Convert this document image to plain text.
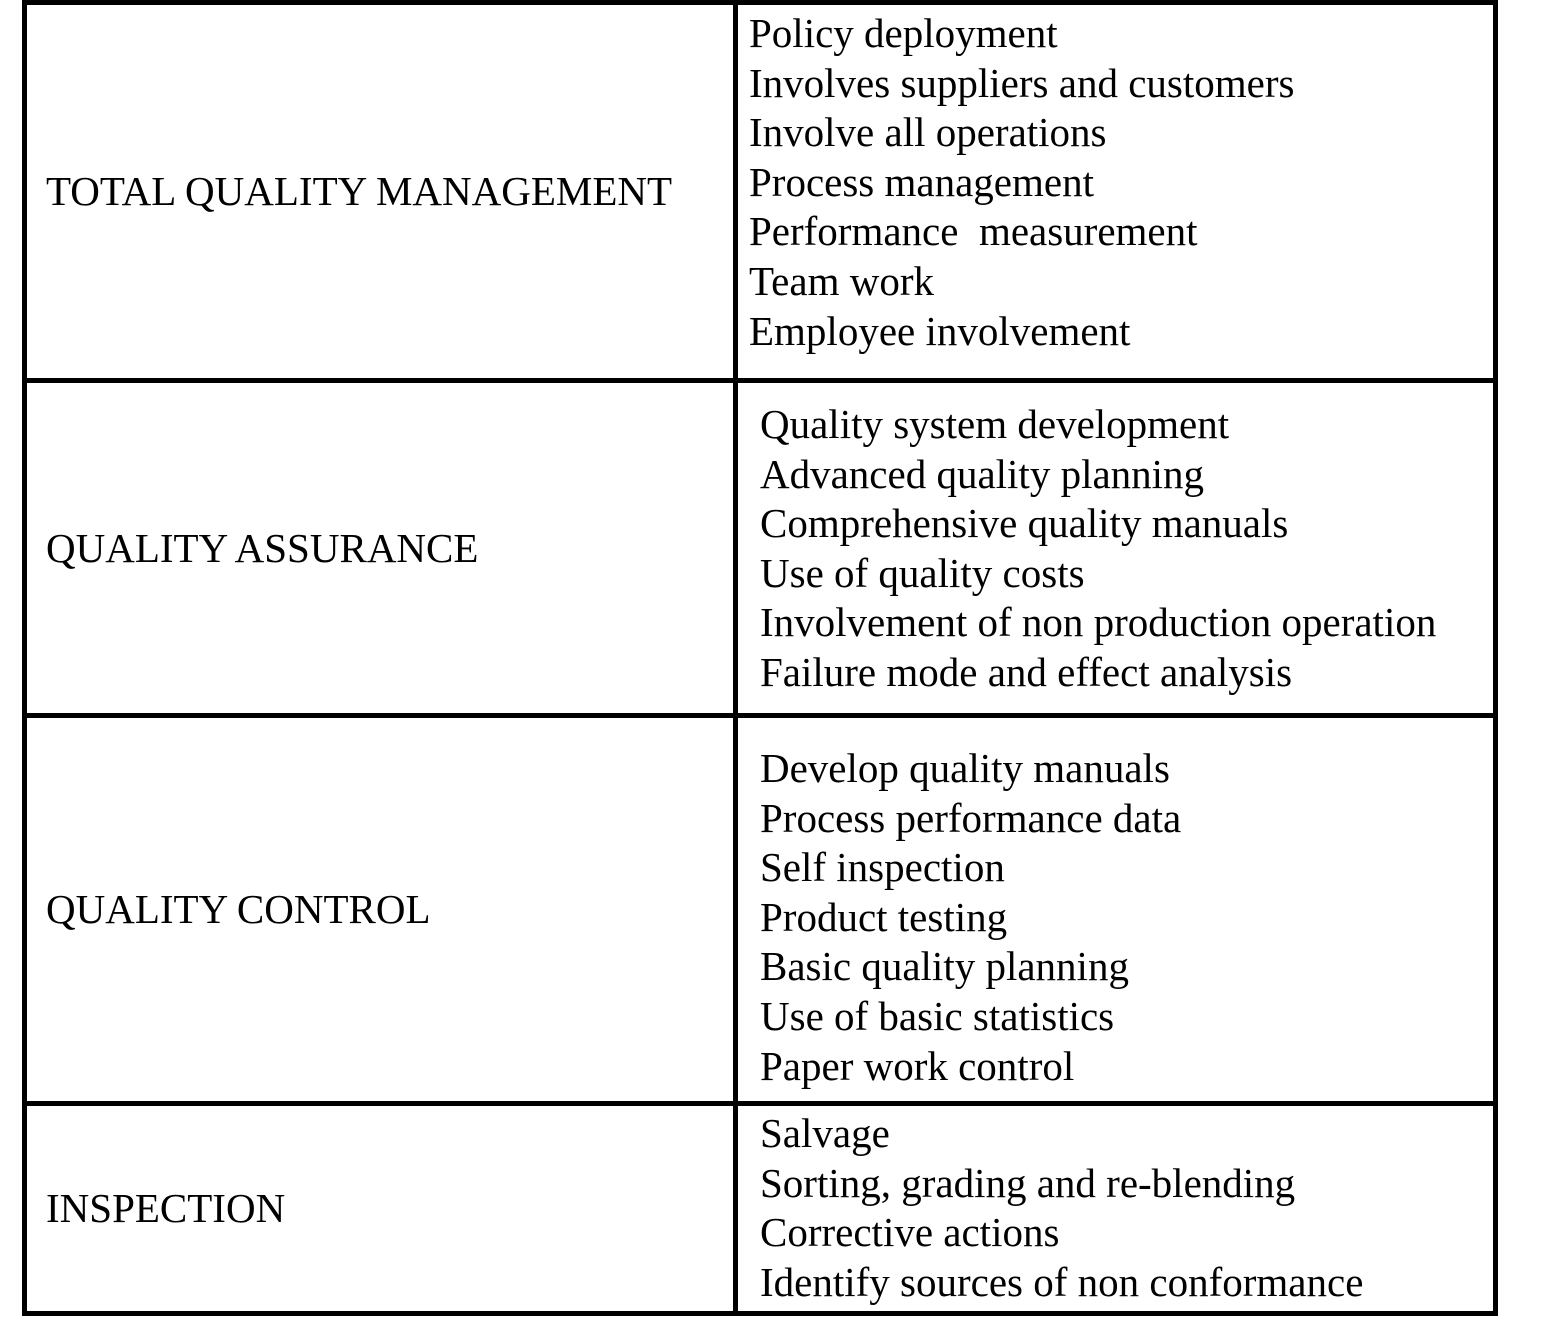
TOTAL QUALITY MANAGEMENT
Policy deployment
Involves suppliers and customers
Involve all operations
Process management
Performance  measurement
Team work
Employee involvement
QUALITY ASSURANCE
Quality system development
Advanced quality planning
Comprehensive quality manuals
Use of quality costs
Involvement of non production operation
Failure mode and effect analysis
QUALITY CONTROL
Develop quality manuals
Process performance data
Self inspection
Product testing
Basic quality planning
Use of basic statistics
Paper work control
INSPECTION
Salvage
Sorting, grading and re-blending
Corrective actions
Identify sources of non conformance
